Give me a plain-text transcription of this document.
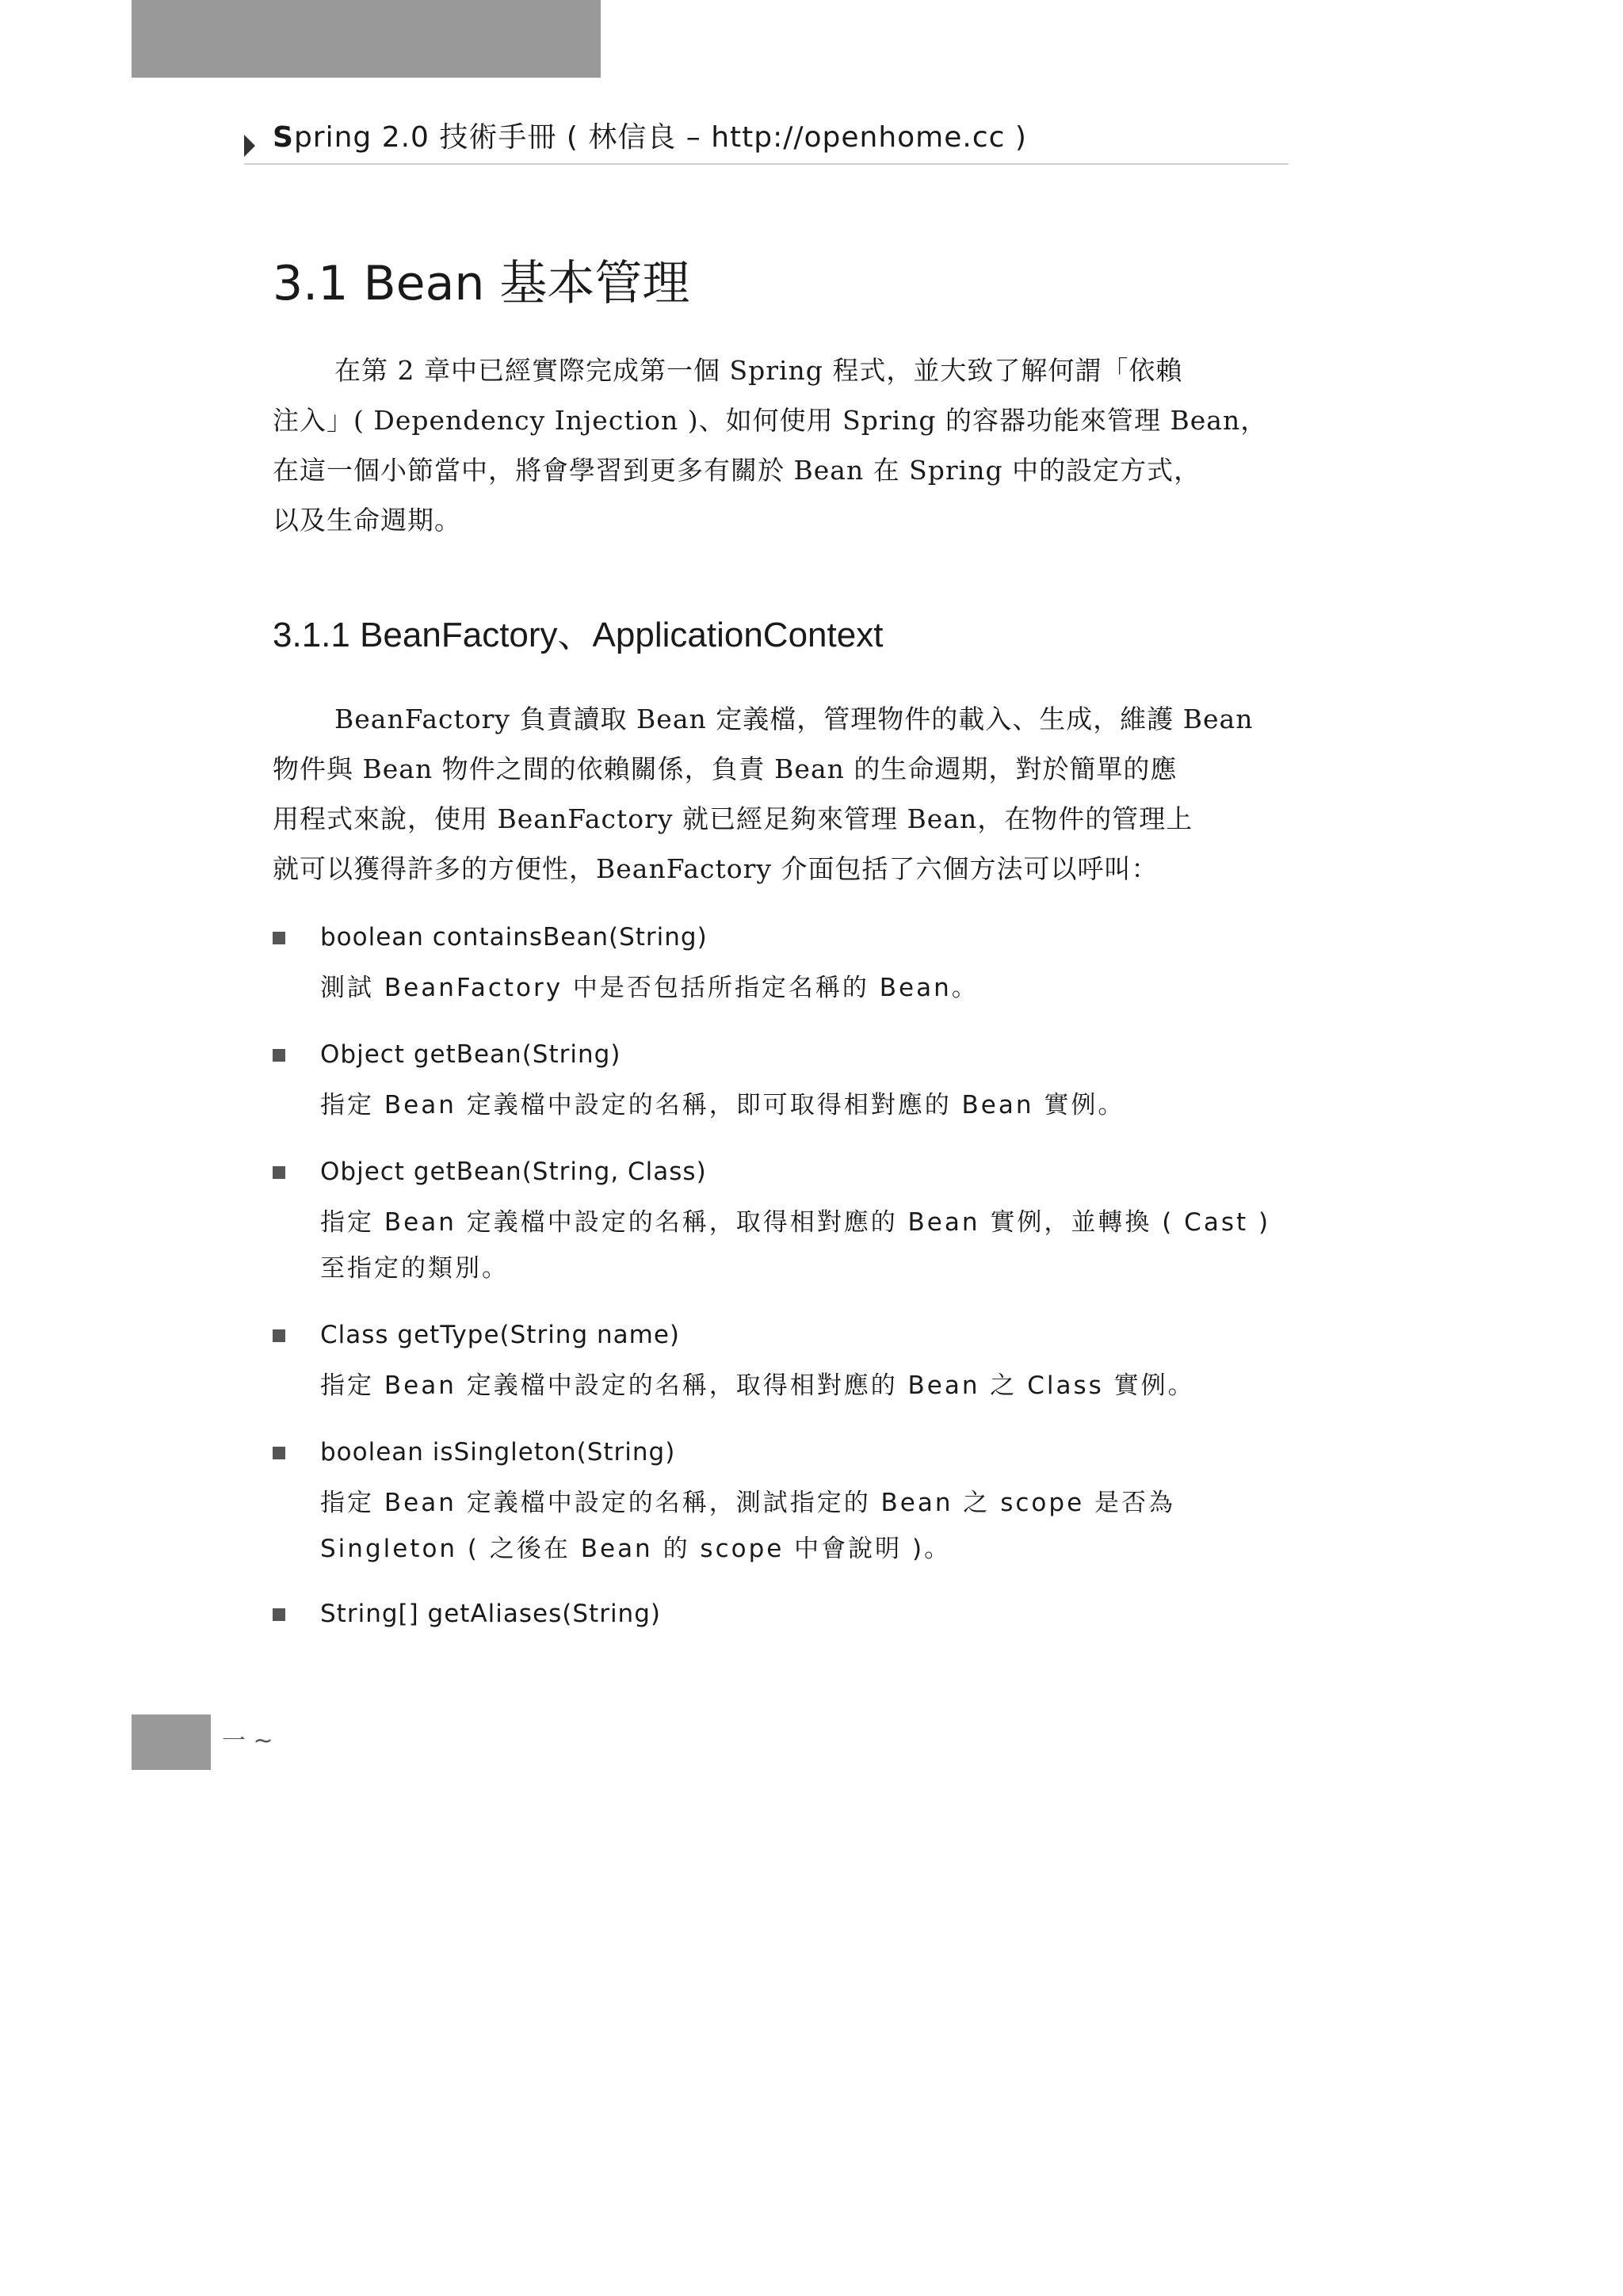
Spring 2.0 技術手冊 ( 林信良 – http://openhome.cc )
3.1 Bean 基本管理
在第 2 章中已經實際完成第一個 Spring 程式，並大致了解何謂「依賴
注入」( Dependency Injection )、如何使用 Spring 的容器功能來管理 Bean，
在這一個小節當中，將會學習到更多有關於 Bean 在 Spring 中的設定方式，
以及生命週期。
3.1.1 BeanFactory、ApplicationContext
BeanFactory 負責讀取 Bean 定義檔，管理物件的載入、生成，維護 Bean
物件與 Bean 物件之間的依賴關係，負責 Bean 的生命週期，對於簡單的應
用程式來說，使用 BeanFactory 就已經足夠來管理 Bean，在物件的管理上
就可以獲得許多的方便性，BeanFactory 介面包括了六個方法可以呼叫：
boolean containsBean(String)
測試 BeanFactory 中是否包括所指定名稱的 Bean。
Object getBean(String)
指定 Bean 定義檔中設定的名稱，即可取得相對應的 Bean 實例。
Object getBean(String, Class)
指定 Bean 定義檔中設定的名稱，取得相對應的 Bean 實例，並轉換 ( Cast )
至指定的類別。
Class getType(String name)
指定 Bean 定義檔中設定的名稱，取得相對應的 Bean 之 Class 實例。
boolean isSingleton(String)
指定 Bean 定義檔中設定的名稱，測試指定的 Bean 之 scope 是否為
Singleton ( 之後在 Bean 的 scope 中會說明 )。
String[] getAliases(String)
一 ~
